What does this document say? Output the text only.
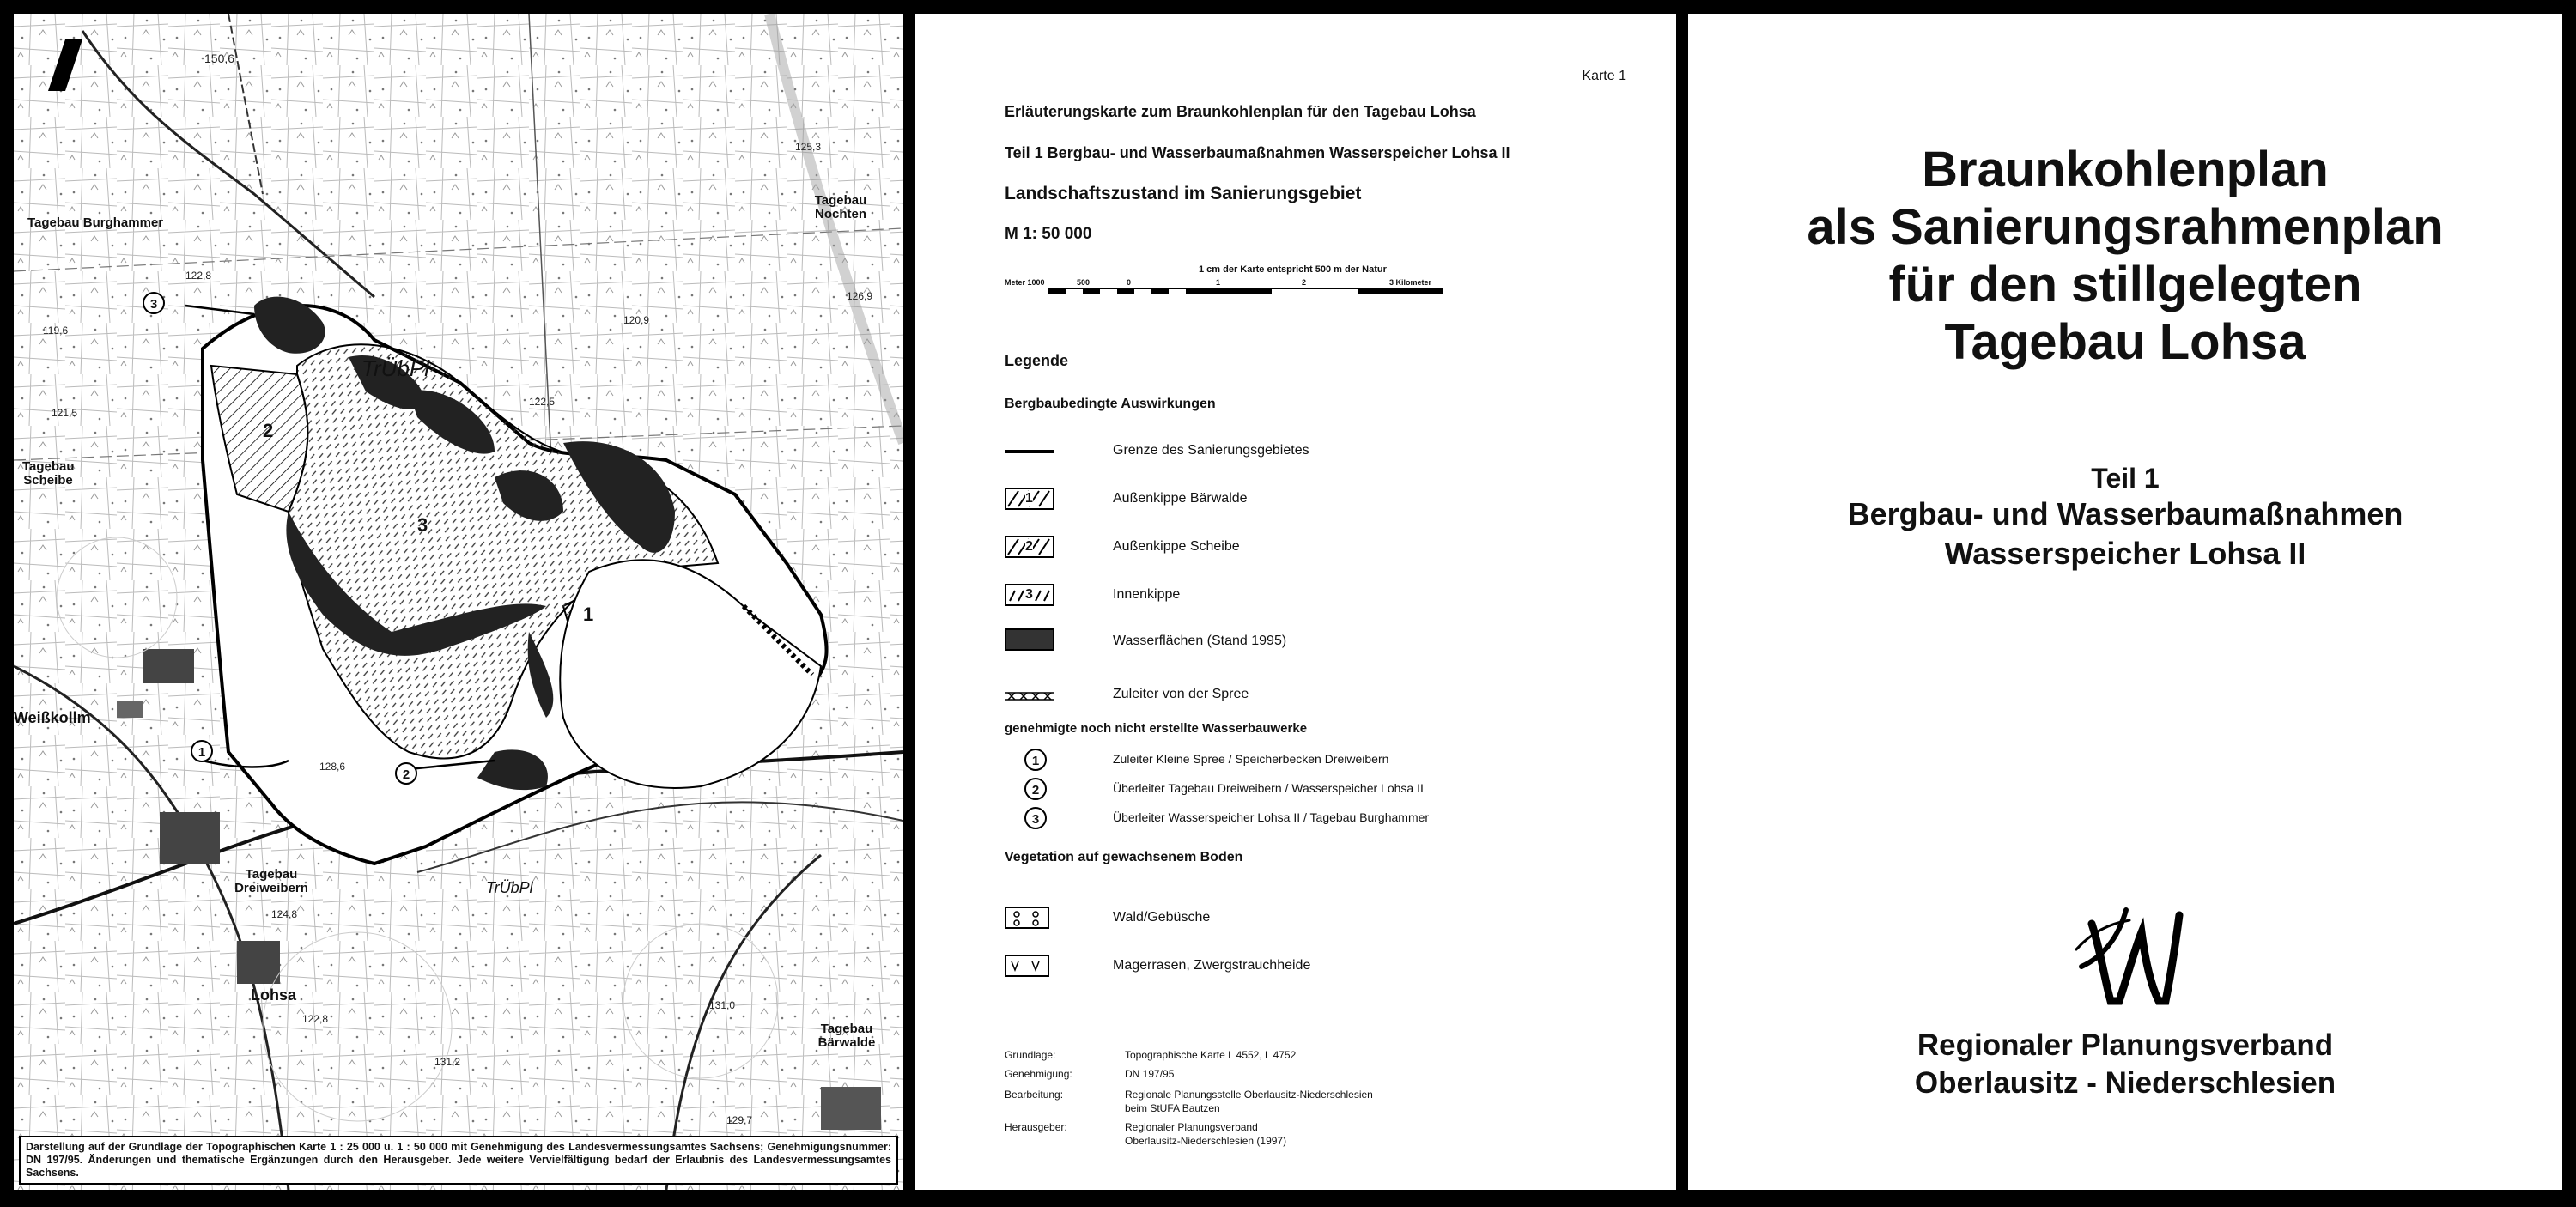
Tagebau Burghammer
Tagebau Nochten
Tagebau Scheibe
Tagebau Dreiweibern
Tagebau Bärwalde
Weißkollm
Lohsa
TrÜbPl
TrÜbPl
1
2
3
1
2
3
150,6
125,3
126,9
122,5
120,9
119,6
121,5
122,8
128,6
124,8
122,8
131,2
131,0
129,7
Darstellung auf der Grundlage der Topographischen Karte 1 : 25 000 u. 1 : 50 000 mit Genehmigung des Landesvermessungsamtes Sachsens; Genehmigungsnummer: DN 197/95. Änderungen und thematische Ergänzungen durch den Herausgeber. Jede weitere Vervielfältigung bedarf der Erlaubnis des Landesvermessungsamtes Sachsens.
Karte 1
Erläuterungskarte zum Braunkohlenplan für den Tagebau Lohsa
Teil 1 Bergbau- und Wasserbaumaßnahmen Wasserspeicher Lohsa II
Landschaftszustand im Sanierungsgebiet
M 1: 50 000
1 cm der Karte entspricht 500 m der Natur
Meter 1000	500	0	1	2	3 Kilometer
Legende
Bergbaubedingte Auswirkungen
Grenze des Sanierungsgebietes
1	Außenkippe Bärwalde
2	Außenkippe Scheibe
3	Innenkippe
Wasserflächen (Stand 1995)
Zuleiter von der Spree
genehmigte noch nicht erstellte Wasserbauwerke
1	Zuleiter Kleine Spree / Speicherbecken Dreiweibern
2	Überleiter Tagebau Dreiweibern / Wasserspeicher Lohsa II
3	Überleiter Wasserspeicher Lohsa II / Tagebau Burghammer
Vegetation auf gewachsenem Boden
Wald/Gebüsche
Magerrasen, Zwergstrauchheide
Grundlage:	Topographische Karte L 4552, L 4752
Genehmigung:	DN 197/95
Bearbeitung:	Regionale Planungsstelle Oberlausitz-Niederschlesien
beim StUFA Bautzen
Herausgeber:	Regionaler Planungsverband
Oberlausitz-Niederschlesien (1997)
Braunkohlenplan
als Sanierungsrahmenplan
für den stillgelegten
Tagebau Lohsa
Teil 1
Bergbau- und Wasserbaumaßnahmen
Wasserspeicher Lohsa II
Regionaler Planungsverband
Oberlausitz - Niederschlesien
